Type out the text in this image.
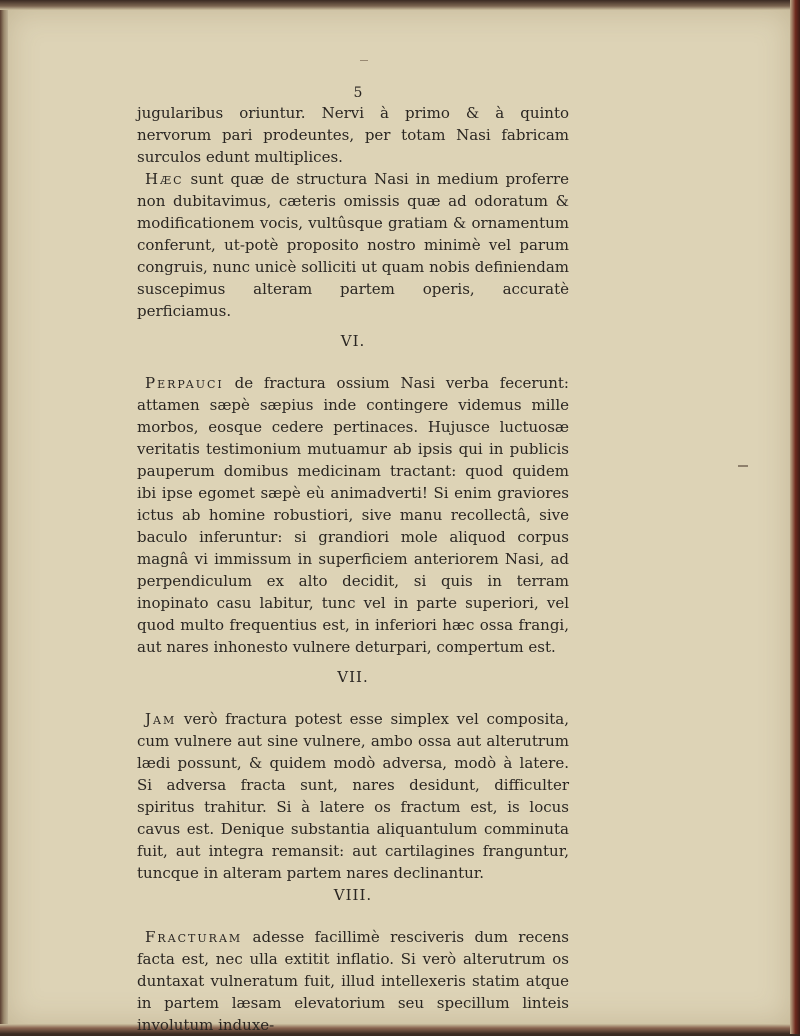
5

jugularibus oriuntur. Nervi à primo & à quinto nervorum pari prodeuntes, per totam Nasi fabricam surculos edunt multiplices.

Hæc sunt quæ de structura Nasi in medium proferre non dubitavimus, cæteris omissis quæ ad odoratum & modificationem vocis, vultûsque gratiam & ornamentum conferunt, ut-potè proposito nostro minimè vel parum congruis, nunc unicè solliciti ut quam nobis definiendam suscepimus alteram partem operis, accuratè perficiamus.

VI.

Perpauci de fractura ossium Nasi verba fecerunt: attamen sæpè sæpius inde contingere videmus mille morbos, eosque cedere pertinaces. Hujusce luctuosæ veritatis testimonium mutuamur ab ipsis qui in publicis pauperum domibus medicinam tractant: quod quidem ibi ipse egomet sæpè eù animadverti! Si enim graviores ictus ab homine robustiori, sive manu recollectâ, sive baculo inferuntur: si grandiori mole aliquod corpus magnâ vi immissum in superficiem anteriorem Nasi, ad perpendiculum ex alto decidit, si quis in terram inopinato casu labitur, tunc vel in parte superiori, vel quod multo frequentius est, in inferiori hæc ossa frangi, aut nares inhonesto vulnere deturpari, compertum est.

VII.

Jam verò fractura potest esse simplex vel composita, cum vulnere aut sine vulnere, ambo ossa aut alterutrum lædi possunt, & quidem modò adversa, modò à latere. Si adversa fracta sunt, nares desidunt, difficulter spiritus trahitur. Si à latere os fractum est, is locus cavus est. Denique substantia aliquantulum comminuta fuit, aut integra remansit: aut cartilagines franguntur, tuncque in alteram partem nares declinantur.

VIII.

Fracturam adesse facillimè resciveris dum recens facta est, nec ulla extitit inflatio. Si verò alterutrum os duntaxat vulneratum fuit, illud intellexeris statim atque in partem læsam elevatorium seu specillum linteis involutum induxe-
